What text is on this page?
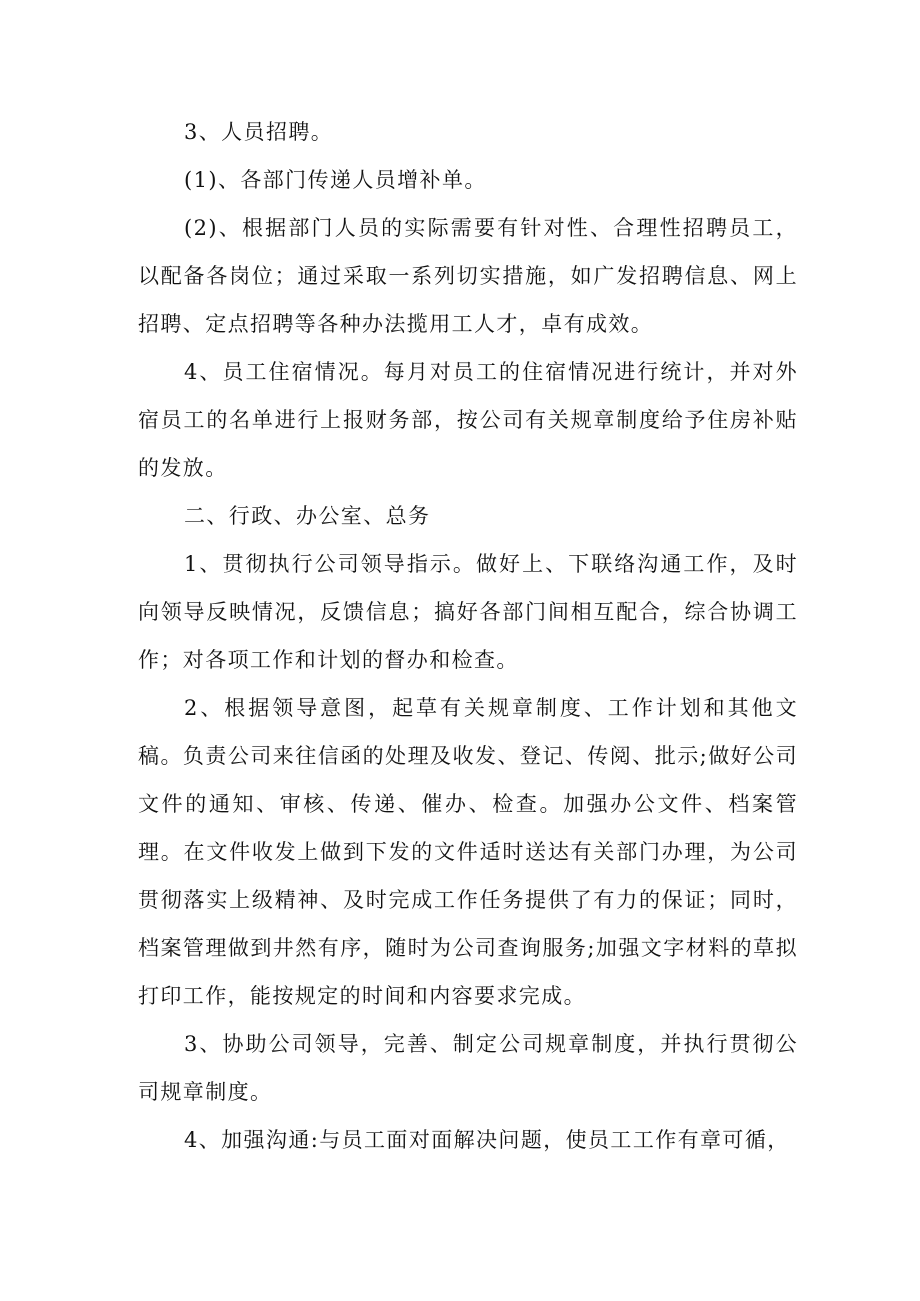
3、人员招聘。

(1)、各部门传递人员增补单。

(2)、根据部门人员的实际需要有针对性、合理性招聘员工，以配备各岗位；通过采取一系列切实措施，如广发招聘信息、网上招聘、定点招聘等各种办法揽用工人才，卓有成效。

4、员工住宿情况。每月对员工的住宿情况进行统计，并对外宿员工的名单进行上报财务部，按公司有关规章制度给予住房补贴的发放。

二、行政、办公室、总务

1、贯彻执行公司领导指示。做好上、下联络沟通工作，及时向领导反映情况，反馈信息；搞好各部门间相互配合，综合协调工作；对各项工作和计划的督办和检查。

2、根据领导意图，起草有关规章制度、工作计划和其他文稿。负责公司来往信函的处理及收发、登记、传阅、批示;做好公司文件的通知、审核、传递、催办、检查。加强办公文件、档案管理。在文件收发上做到下发的文件适时送达有关部门办理，为公司贯彻落实上级精神、及时完成工作任务提供了有力的保证；同时，档案管理做到井然有序，随时为公司查询服务;加强文字材料的草拟打印工作，能按规定的时间和内容要求完成。

3、协助公司领导，完善、制定公司规章制度，并执行贯彻公司规章制度。

4、加强沟通:与员工面对面解决问题，使员工工作有章可循，
